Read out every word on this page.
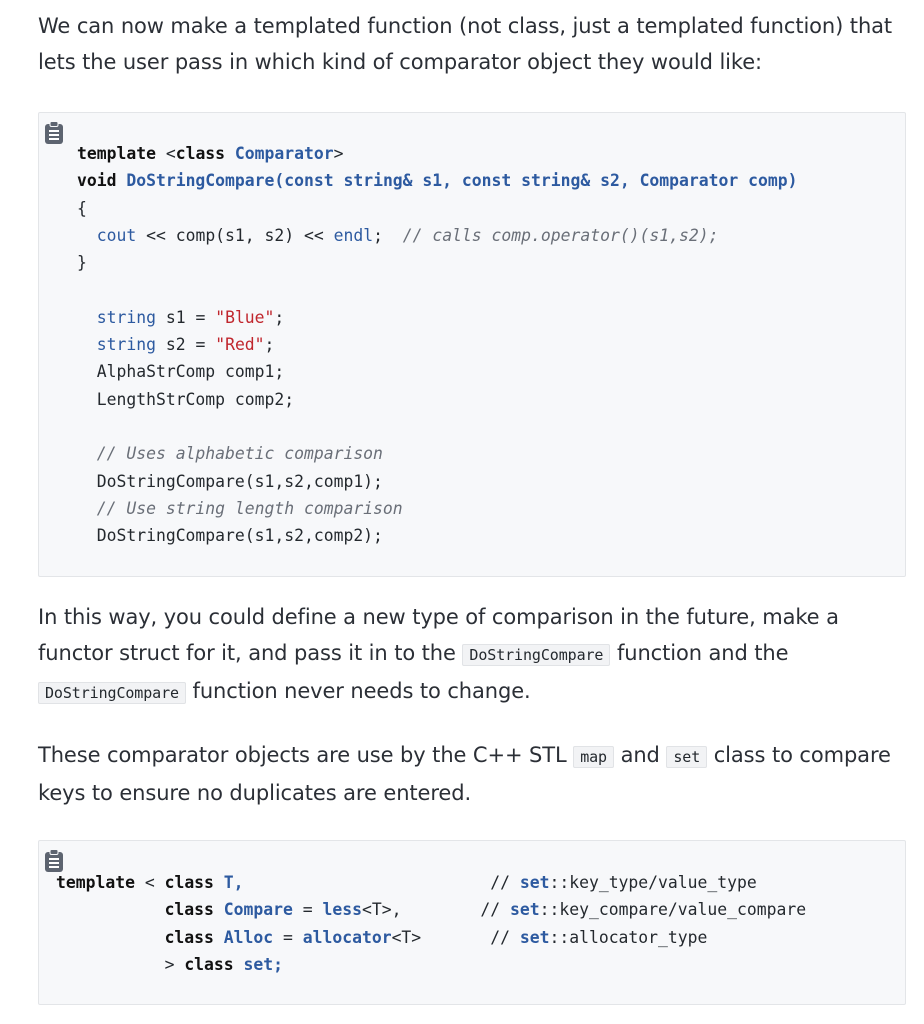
We can now make a templated function (not class, just a templated function) that lets the user pass in which kind of comparator object they would like:

template <class Comparator>
void DoStringCompare(const string& s1, const string& s2, Comparator comp)
{
cout << comp(s1, s2) << endl; // calls comp.operator()(s1,s2);
}

string s1 = "Blue";
string s2 = "Red";
AlphaStrComp comp1;
LengthStrComp comp2;

// Uses alphabetic comparison
DoStringCompare(s1,s2,comp1);
// Use string length comparison
DoStringCompare(s1,s2,comp2);

In this way, you could define a new type of comparison in the future, make a functor struct for it, and pass it in to the DoStringCompare function and the DoStringCompare function never needs to change.

These comparator objects are use by the C++ STL map and set class to compare keys to ensure no duplicates are entered.

template < class T,	// set::key_type/value_type
class Compare = less<T>,	// set::key_compare/value_compare
class Alloc = allocator<T>	// set::allocator_type
> class set;
